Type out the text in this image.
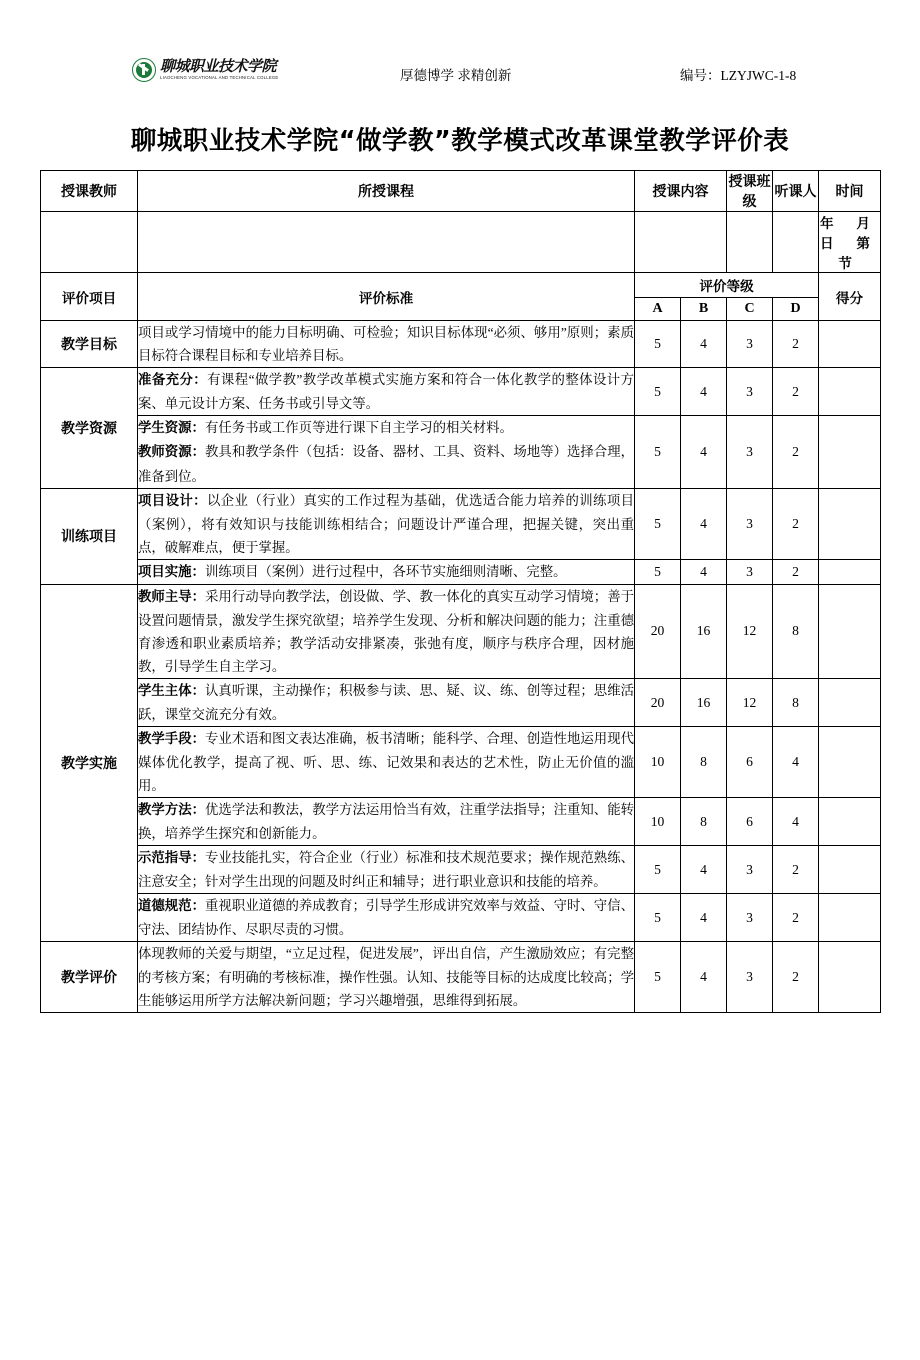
聊城职业技术学院
LIAOCHENG VOCATIONAL AND TECHNICAL COLLEGE	厚德博学 求精创新	编号：LZYJWC-1-8
聊城职业技术学院“做学教”教学模式改革课堂教学评价表
授课教师	所授课程	授课内容		授课班级	听课人	时间
						年 月 日 第 节
评价项目	评价标准	评价等级				得分
		A	B	C	D	
教学目标	项目或学习情境中的能力目标明确、可检验；知识目标体现“必须、够用”原则；素质目标符合课程目标和专业培养目标。	5	4	3	2	
教学资源	准备充分：有课程“做学教”教学改革模式实施方案和符合一体化教学的整体设计方案、单元设计方案、任务书或引导文等。	5	4	3	2	

	学生资源：有任务书或工作页等进行课下自主学习的相关材料。
教师资源：教具和教学条件（包括：设备、器材、工具、资料、场地等）选择合理，准备到位。	5	4	3	2	
训练项目	项目设计：以企业（行业）真实的工作过程为基础，优选适合能力培养的训练项目（案例），将有效知识与技能训练相结合；问题设计严谨合理，把握关键，突出重点，破解难点，便于掌握。	5	4	3	2	

	项目实施：训练项目（案例）进行过程中，各环节实施细则清晰、完整。	5	4	3	2	
教学实施	教师主导：采用行动导向教学法，创设做、学、教一体化的真实互动学习情境；善于设置问题情景，激发学生探究欲望；培养学生发现、分析和解决问题的能力；注重德育渗透和职业素质培养；教学活动安排紧凑，张弛有度，顺序与秩序合理，因材施教，引导学生自主学习。	20	16	12	8	

	学生主体：认真听课，主动操作；积极参与读、思、疑、议、练、创等过程；思维活跃，课堂交流充分有效。	20	16	12	8	

	教学手段：专业术语和图文表达准确，板书清晰；能科学、合理、创造性地运用现代媒体优化教学，提高了视、听、思、练、记效果和表达的艺术性，防止无价值的滥用。	10	8	6	4	

	教学方法：优选学法和教法，教学方法运用恰当有效，注重学法指导；注重知、能转换，培养学生探究和创新能力。	10	8	6	4	

	示范指导：专业技能扎实，符合企业（行业）标准和技术规范要求；操作规范熟练、注意安全；针对学生出现的问题及时纠正和辅导；进行职业意识和技能的培养。	5	4	3	2	

	道德规范：重视职业道德的养成教育；引导学生形成讲究效率与效益、守时、守信、守法、团结协作、尽职尽责的习惯。	5	4	3	2	
教学评价	体现教师的关爱与期望，“立足过程，促进发展”，评出自信，产生激励效应；有完整的考核方案；有明确的考核标准，操作性强。认知、技能等目标的达成度比较高；学生能够运用所学方法解决新问题；学习兴趣增强，思维得到拓展。	5	4	3	2	
